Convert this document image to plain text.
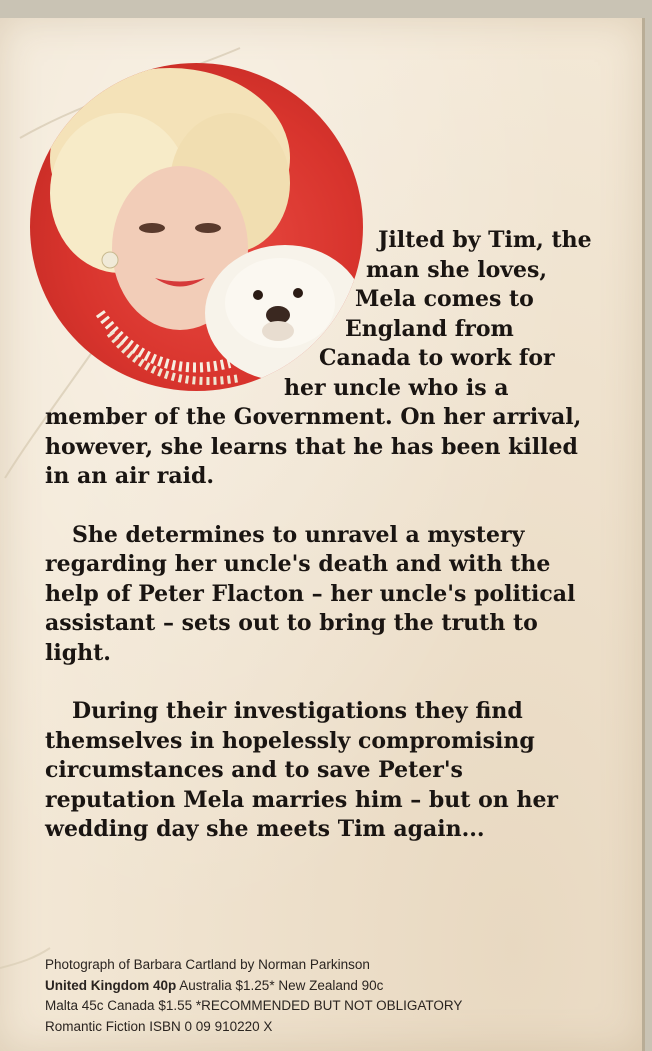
Jilted by Tim, the
man she loves,
Mela comes to
England from
Canada to work for
her uncle who is a
member of the Government. On her arrival,
however, she learns that he has been killed
in an air raid.
She determines to unravel a mystery
regarding her uncle's death and with the
help of Peter Flacton – her uncle's political
assistant – sets out to bring the truth to
light.
During their investigations they find
themselves in hopelessly compromising
circumstances and to save Peter's
reputation Mela marries him – but on her
wedding day she meets Tim again...
Photograph of Barbara Cartland by Norman Parkinson
United Kingdom 40p Australia $1.25* New Zealand 90c
Malta 45c Canada $1.55 *RECOMMENDED BUT NOT OBLIGATORY
Romantic Fiction ISBN 0 09 910220 X
